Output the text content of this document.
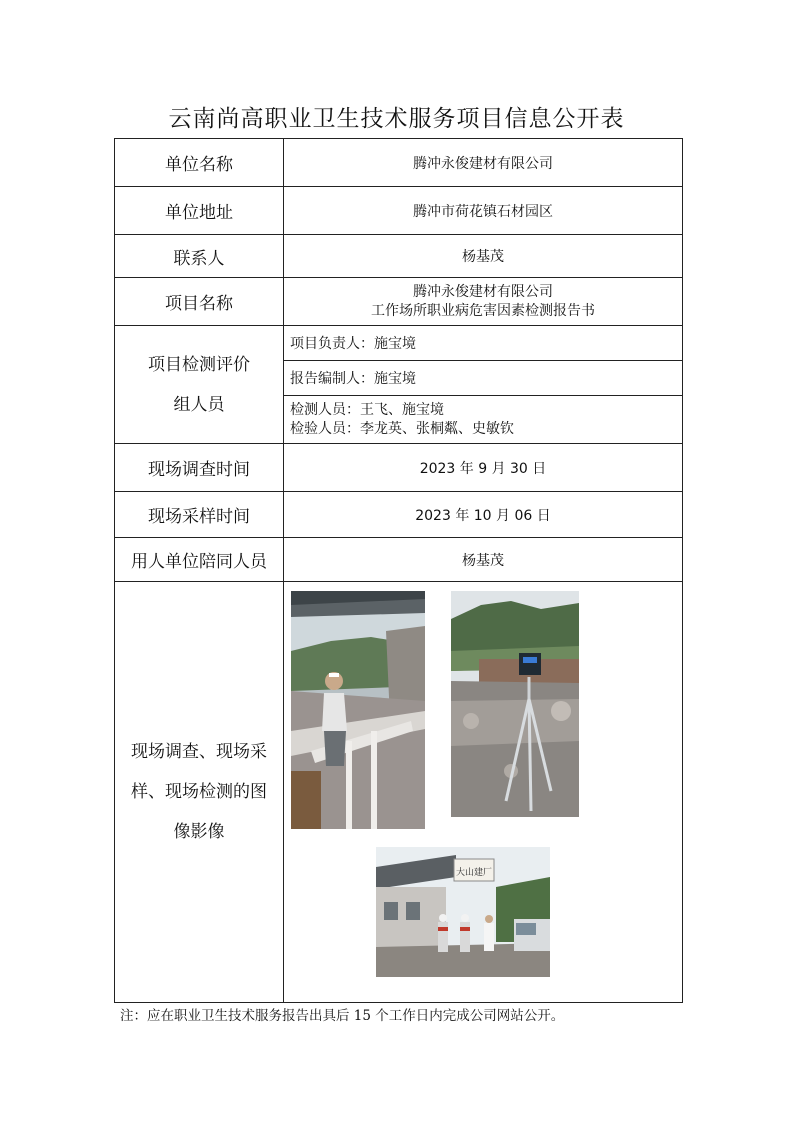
云南尚高职业卫生技术服务项目信息公开表
单位名称	腾冲永俊建材有限公司
单位地址	腾冲市荷花镇石材园区
联系人	杨基茂
项目名称	腾冲永俊建材有限公司
工作场所职业病危害因素检测报告书

项目检测评价
组人员	项目负责人：施宝境
	报告编制人：施宝境

	检测人员：王飞、施宝境
检验人员：李龙英、张桐粼、史敏钦

现场调查时间	2023 年 9 月 30 日
现场采样时间	2023 年 10 月 06 日
用人单位陪同人员	杨基茂

现场调查、现场采
样、现场检测的图
像影像	大山建厂
注：应在职业卫生技术服务报告出具后 15 个工作日内完成公司网站公开。
